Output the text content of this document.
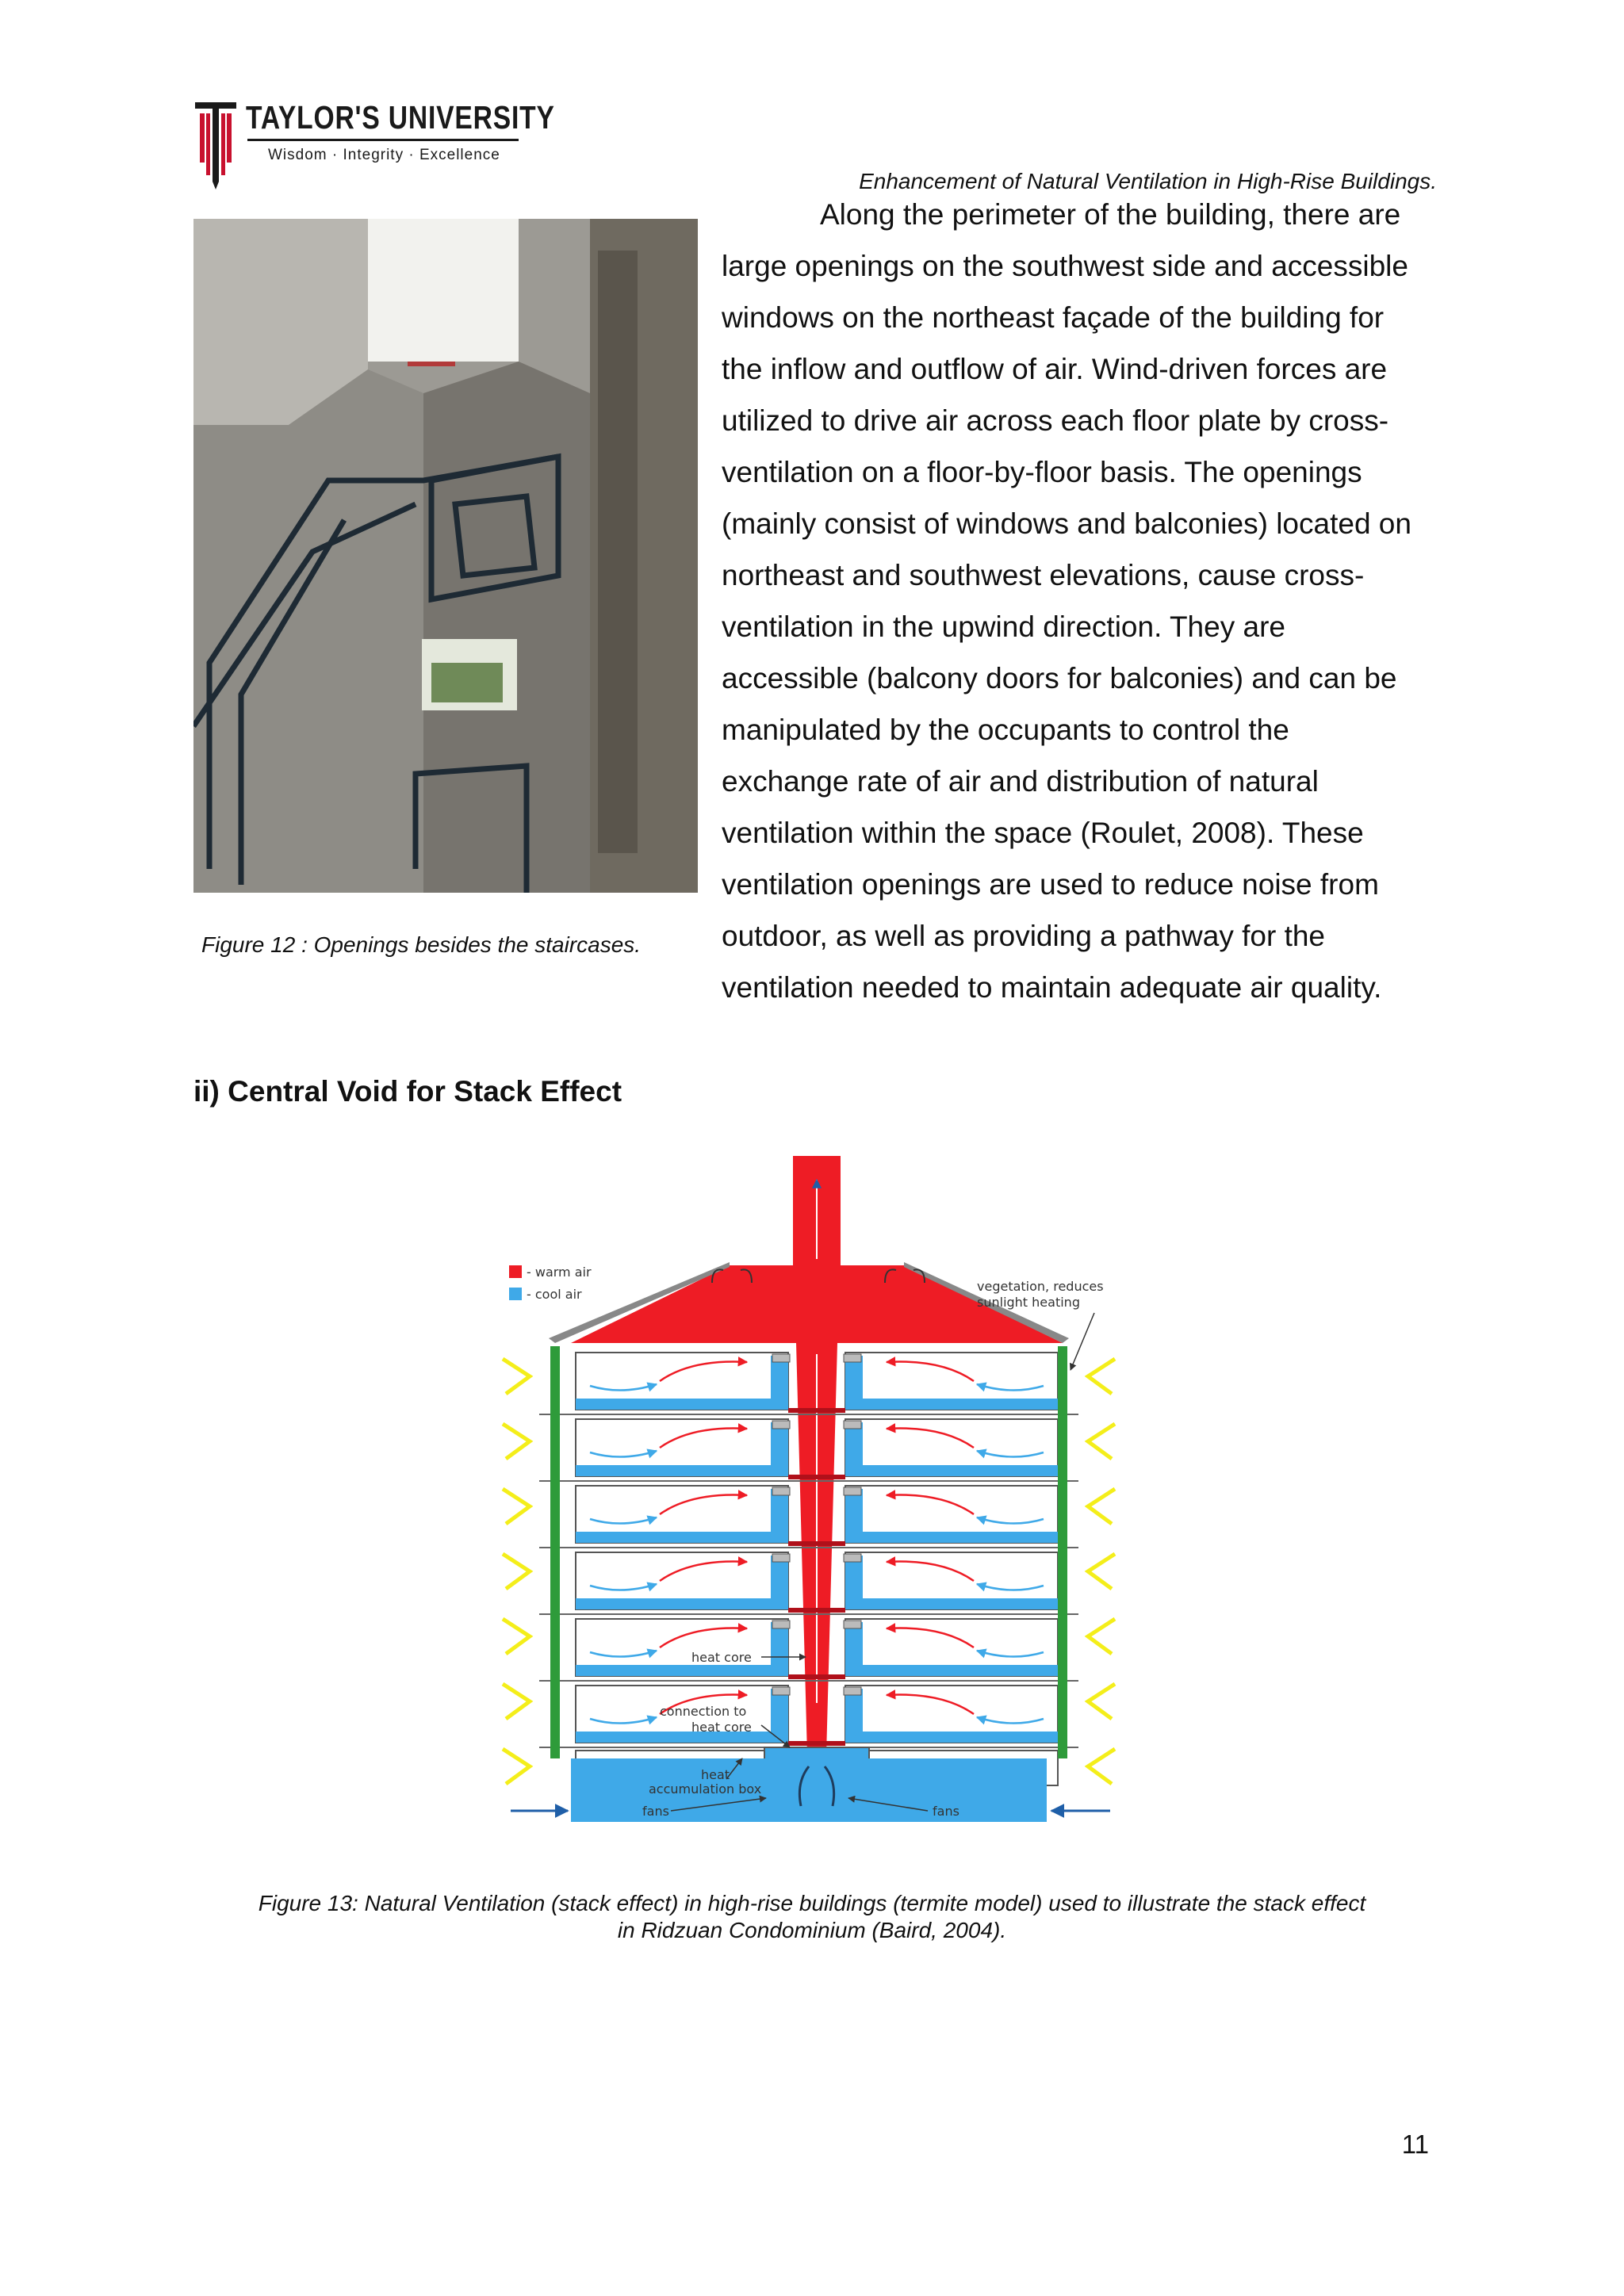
TAYLOR'S UNIVERSITY
Wisdom · Integrity · Excellence
Enhancement of Natural Ventilation in High-Rise Buildings.
Figure 12 : Openings besides the staircases.
Along the perimeter of the building, there are
large openings on the southwest side and accessible
windows on the northeast façade of the building for
the inflow and outflow of air. Wind-driven forces are
utilized to drive air across each floor plate by cross-
ventilation on a floor-by-floor basis. The openings
(mainly consist of windows and balconies) located on
northeast and southwest elevations, cause cross-
ventilation in the upwind direction. They are
accessible (balcony doors for balconies) and can be
manipulated by the occupants to control the
exchange rate of air and distribution of natural
ventilation within the space (Roulet, 2008). These
ventilation openings are used to reduce noise from
outdoor, as well as providing a pathway for the
ventilation needed to maintain adequate air quality.
ii) Central Void for Stack Effect
- warm air
- cool air
vegetation, reduces
sunlight heating
heat core
connection to
heat core
heat
accumulation box
fans	fans
Figure 13: Natural Ventilation (stack effect) in high-rise buildings (termite model) used to illustrate the stack effect
in Ridzuan Condominium (Baird, 2004).
11
